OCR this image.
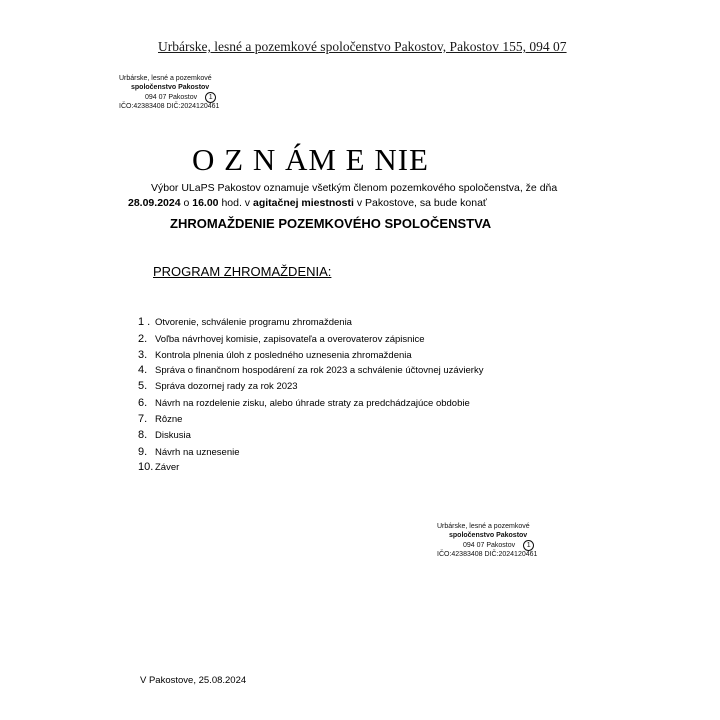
Urbárske, lesné a pozemkové spoločenstvo Pakostov, Pakostov 155, 094 07
Urbárske, lesné a pozemkové
spoločenstvo Pakostov
094 07 Pakostov 1
IČO:42383408 DIČ:2024120461
O Z N ÁM E NIE
Výbor ULaPS Pakostov oznamuje všetkým členom pozemkového spoločenstva, že dňa
28.09.2024 o 16.00 hod. v agitačnej miestnosti v Pakostove, sa bude konať
ZHROMAŽDENIE POZEMKOVÉHO SPOLOČENSTVA
PROGRAM ZHROMAŽDENIA:
1 . Otvorenie, schválenie programu zhromaždenia
2. Voľba návrhovej komisie, zapisovateľa a overovaterov zápisnice
3. Kontrola plnenia úloh z posledného uznesenia zhromaždenia
4. Správa o finančnom hospodárení za rok 2023 a schválenie účtovnej uzávierky
5. Správa dozornej rady za rok 2023
6. Návrh na rozdelenie zisku, alebo úhrade straty za predchádzajúce obdobie
7. Rôzne
8. Diskusia
9. Návrh na uznesenie
10. Záver
Urbárske, lesné a pozemkové
spoločenstvo Pakostov
094 07 Pakostov 1
IČO:42383408 DIČ:2024120461
V Pakostove, 25.08.2024
